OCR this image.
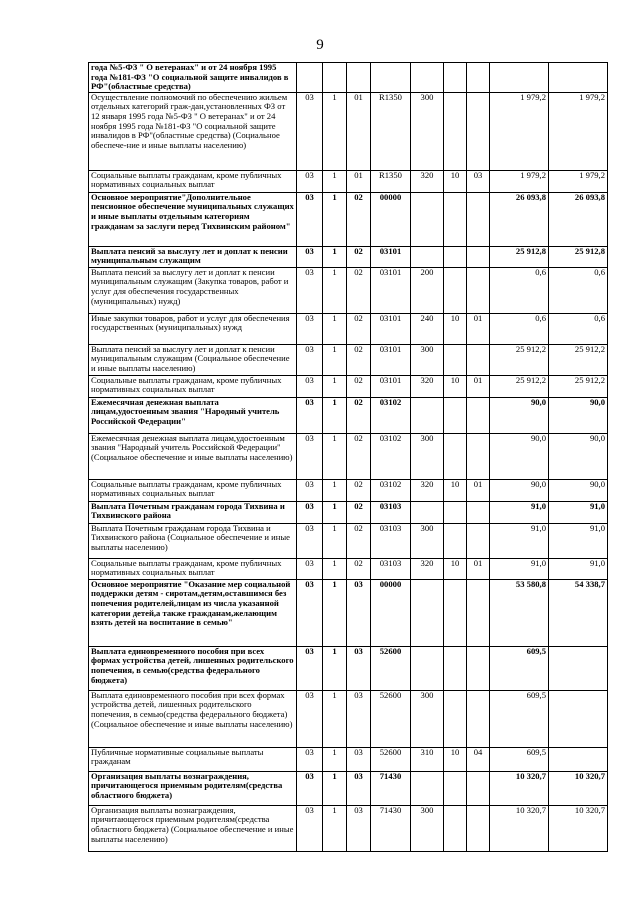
9
года №5-ФЗ " О ветеранах" и от 24 ноября 1995 года №181-ФЗ "О социальной защите инвалидов в РФ"(областные средства)									
Осуществление полномочий по обеспечению жильем отдельных категорий граж-дан,установленных ФЗ от 12 января 1995 года №5-ФЗ " О ветеранах" и от 24 ноября 1995 года №181-ФЗ "О социальной защите инвалидов в РФ"(областные средства) (Социальное обеспече-ние и иные выплаты населению)	03	1	01	R1350	300			1 979,2	1 979,2
Социальные выплаты гражданам, кроме публичных нормативных социальных выплат	03	1	01	R1350	320	10	03	1 979,2	1 979,2
Основное мероприятие"Дополнительное пенсионное обеспечение муниципальных служащих и иные выплаты отдельным категориям гражданам за заслуги перед Тихвинским районом"	03	1	02	00000				26 093,8	26 093,8
Выплата пенсий за выслугу лет и доплат к пенсии муниципальным служащим	03	1	02	03101				25 912,8	25 912,8
Выплата пенсий за выслугу лет и доплат к пенсии муниципальным служащим (Закупка товаров, работ и услуг для обеспечения государственных (муниципальных) нужд)	03	1	02	03101	200			0,6	0,6
Иные закупки товаров, работ и услуг для обеспечения государственных (муниципальных) нужд	03	1	02	03101	240	10	01	0,6	0,6
Выплата пенсий за выслугу лет и доплат к пенсии муниципальным служащим (Социальное обеспечение и иные выплаты населению)	03	1	02	03101	300			25 912,2	25 912,2
Социальные выплаты гражданам, кроме публичных нормативных социальных выплат	03	1	02	03101	320	10	01	25 912,2	25 912,2
Ежемесячная денежная выплата лицам,удостоенным звания "Народный учитель Российской Федерации"	03	1	02	03102				90,0	90,0
Ежемесячная денежная выплата лицам,удостоенным звания "Народный учитель Российской Федерации" (Социальное обеспечение и иные выплаты населению)	03	1	02	03102	300			90,0	90,0
Социальные выплаты гражданам, кроме публичных нормативных социальных выплат	03	1	02	03102	320	10	01	90,0	90,0
Выплата Почетным гражданам города Тихвина и Тихвинского района	03	1	02	03103				91,0	91,0
Выплата Почетным гражданам города Тихвина и Тихвинского района (Социальное обеспечение и иные выплаты населению)	03	1	02	03103	300			91,0	91,0
Социальные выплаты гражданам, кроме публичных нормативных социальных выплат	03	1	02	03103	320	10	01	91,0	91,0
Основное мероприятие "Оказание мер социальной поддержки детям - сиротам,детям,оставшимся без попечения родителей,лицам из числа указанной категории детей,а также гражданам,желающим взять детей на воспитание в семью"	03	1	03	00000				53 580,8	54 338,7
Выплата единовременного пособия при всех формах устройства детей, лишенных родительского попечения, в семью(средства федерального бюджета)	03	1	03	52600				609,5	
Выплата единовременного пособия при всех формах устройства детей, лишенных родительского попечения, в семью(средства федерального бюджета) (Социальное обеспечение и иные выплаты населению)	03	1	03	52600	300			609,5	
Публичные нормативные социальные выплаты гражданам	03	1	03	52600	310	10	04	609,5	
Организация выплаты вознаграждения, причитающегося приемным родителям(средства областного бюджета)	03	1	03	71430				10 320,7	10 320,7
Организация выплаты вознаграждения, причитающегося приемным родителям(средства областного бюджета) (Социальное обеспечение и иные выплаты населению)	03	1	03	71430	300			10 320,7	10 320,7
